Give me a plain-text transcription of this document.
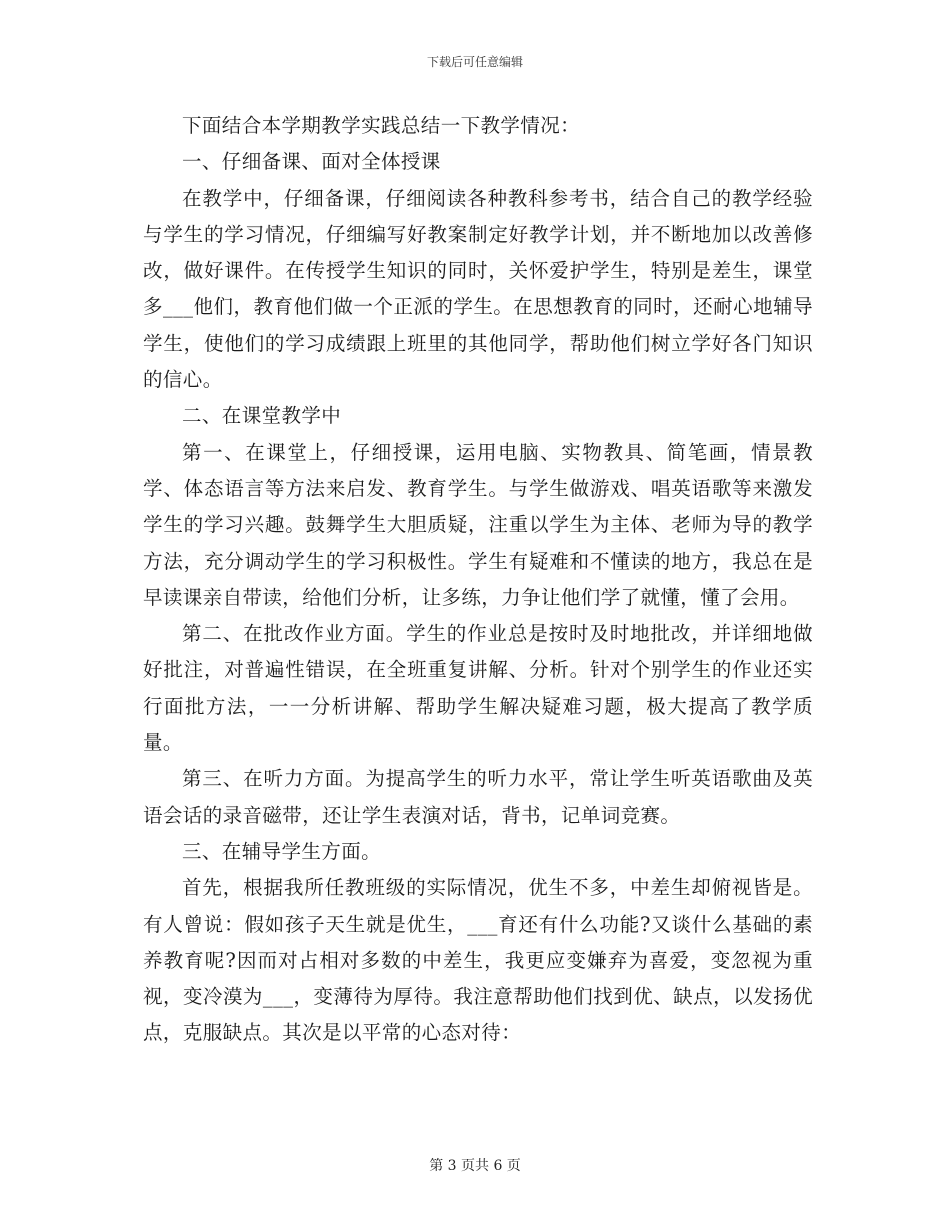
下载后可任意编辑

下面结合本学期教学实践总结一下教学情况：

一、仔细备课、面对全体授课

在教学中，仔细备课，仔细阅读各种教科参考书，结合自己的教学经验与学生的学习情况，仔细编写好教案制定好教学计划，并不断地加以改善修改，做好课件。在传授学生知识的同时，关怀爱护学生，特别是差生，课堂多___他们，教育他们做一个正派的学生。在思想教育的同时，还耐心地辅导学生，使他们的学习成绩跟上班里的其他同学，帮助他们树立学好各门知识的信心。

二、在课堂教学中

第一、在课堂上，仔细授课，运用电脑、实物教具、简笔画，情景教学、体态语言等方法来启发、教育学生。与学生做游戏、唱英语歌等来激发学生的学习兴趣。鼓舞学生大胆质疑，注重以学生为主体、老师为导的教学方法，充分调动学生的学习积极性。学生有疑难和不懂读的地方，我总在是早读课亲自带读，给他们分析，让多练，力争让他们学了就懂，懂了会用。

第二、在批改作业方面。学生的作业总是按时及时地批改，并详细地做好批注，对普遍性错误，在全班重复讲解、分析。针对个别学生的作业还实行面批方法，一一分析讲解、帮助学生解决疑难习题，极大提高了教学质量。

第三、在听力方面。为提高学生的听力水平，常让学生听英语歌曲及英语会话的录音磁带，还让学生表演对话，背书，记单词竞赛。

三、在辅导学生方面。

首先，根据我所任教班级的实际情况，优生不多，中差生却俯视皆是。有人曾说：假如孩子天生就是优生，___育还有什么功能?又谈什么基础的素养教育呢?因而对占相对多数的中差生，我更应变嫌弃为喜爱，变忽视为重视，变冷漠为___，变薄待为厚待。我注意帮助他们找到优、缺点，以发扬优点，克服缺点。其次是以平常的心态对待：

第 3 页共 6 页
